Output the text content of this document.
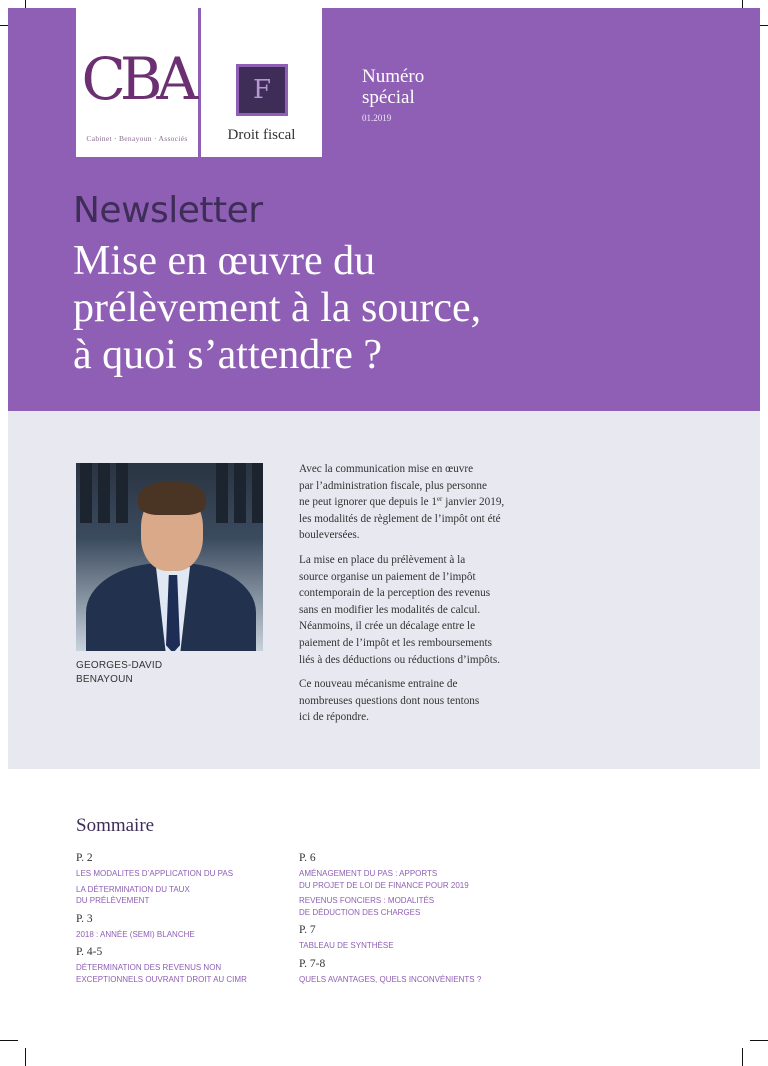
CBA
Cabinet · Benayoun · Associés
F
Droit fiscal
Numéro
spécial
01.2019
Newsletter
Mise en œuvre du
prélèvement à la source,
à quoi s’attendre ?
GEORGES-DAVID
BENAYOUN

Avec la communication mise en œuvre
par l’administration fiscale, plus personne
ne peut ignorer que depuis le 1er janvier 2019,
les modalités de règlement de l’impôt ont été
bouleversées.

La mise en place du prélèvement à la
source organise un paiement de l’impôt
contemporain de la perception des revenus
sans en modifier les modalités de calcul.
Néanmoins, il crée un décalage entre le
paiement de l’impôt et les remboursements
liés à des déductions ou réductions d’impôts.

Ce nouveau mécanisme entraine de
nombreuses questions dont nous tentons
ici de répondre.

Sommaire
P. 2
LES MODALITES D’APPLICATION DU PAS
LA DÉTERMINATION DU TAUX
DU PRÉLÈVEMENT
P. 3
2018 : ANNÉE (SEMI) BLANCHE
P. 4-5
DÉTERMINATION DES REVENUS NON
EXCEPTIONNELS OUVRANT DROIT AU CIMR
P. 6
AMÉNAGEMENT DU PAS : APPORTS
DU PROJET DE LOI DE FINANCE POUR 2019
REVENUS FONCIERS : MODALITÉS
DE DÉDUCTION DES CHARGES
P. 7
TABLEAU DE SYNTHÈSE
P. 7-8
QUELS AVANTAGES, QUELS INCONVÉNIENTS ?
